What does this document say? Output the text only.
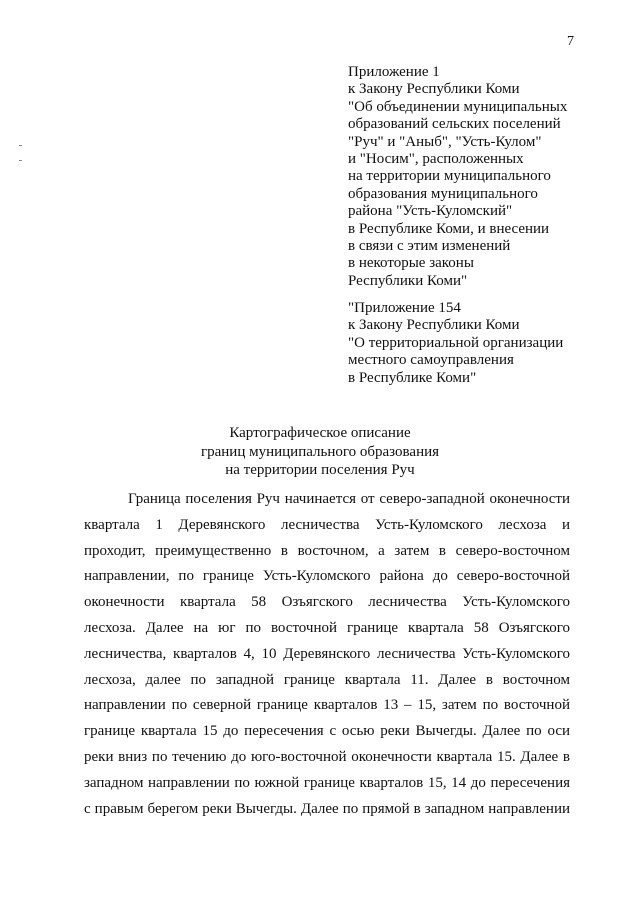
7
Приложение 1
к Закону Республики Коми
"Об объединении муниципальных
образований сельских поселений
"Руч" и "Аныб", "Усть-Кулом"
и "Носим", расположенных
на территории муниципального
образования муниципального
района "Усть-Куломский"
в Республике Коми, и внесении
в связи с этим изменений
в некоторые законы
Республики Коми"
"Приложение 154
к Закону Республики Коми
"О территориальной организации
местного самоуправления
в Республике Коми"
Картографическое описание
границ муниципального образования
на территории поселения Руч
Граница поселения Руч начинается от северо-западной оконечности
квартала 1 Деревянского лесничества Усть-Куломского лесхоза и
проходит, преимущественно в восточном, а затем в северо-восточном
направлении, по границе Усть-Куломского района до северо-восточной
оконечности квартала 58 Озъягского лесничества Усть-Куломского
лесхоза. Далее на юг по восточной границе квартала 58 Озъягского
лесничества, кварталов 4, 10 Деревянского лесничества Усть-Куломского
лесхоза, далее по западной границе квартала 11. Далее в восточном
направлении по северной границе кварталов 13 – 15, затем по восточной
границе квартала 15 до пересечения с осью реки Вычегды. Далее по оси
реки вниз по течению до юго-восточной оконечности квартала 15. Далее в
западном направлении по южной границе кварталов 15, 14 до пересечения
с правым берегом реки Вычегды. Далее по прямой в западном направлении
